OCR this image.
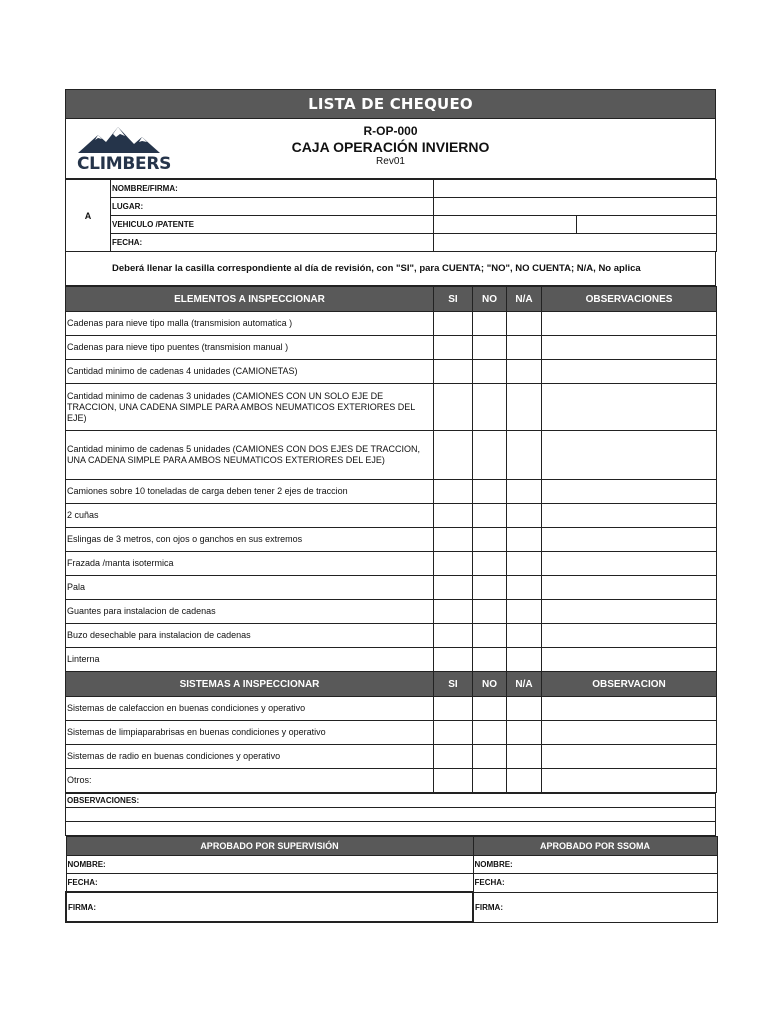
LISTA DE CHEQUEO
CLIMBERS
R-OP-000
CAJA OPERACIÓN INVIERNO
Rev01
A	NOMBRE/FIRMA:		
	LUGAR:		
	VEHICULO /PATENTE		
	FECHA:		
Deberá llenar la casilla correspondiente al día de revisión, con "SI", para CUENTA; "NO", NO CUENTA; N/A, No aplica
ELEMENTOS A INSPECCIONAR	SI	NO	N/A	OBSERVACIONES
Cadenas para nieve tipo malla (transmision automatica )				
Cadenas para nieve tipo puentes (transmision manual )				
Cantidad minimo de cadenas 4 unidades (CAMIONETAS)				
Cantidad minimo de cadenas 3 unidades (CAMIONES CON UN SOLO EJE DE TRACCION, UNA CADENA SIMPLE PARA AMBOS NEUMATICOS EXTERIORES DEL EJE)				
Cantidad minimo de cadenas 5 unidades (CAMIONES CON DOS EJES DE TRACCION, UNA CADENA SIMPLE PARA AMBOS NEUMATICOS EXTERIORES DEL EJE)				
Camiones sobre 10 toneladas de carga deben tener 2 ejes de traccion				
2 cuñas				
Eslingas de 3 metros, con ojos o ganchos en sus extremos				
Frazada /manta isotermica				
Pala				
Guantes para instalacion de cadenas				
Buzo desechable para instalacion de cadenas				
Linterna				
SISTEMAS A INSPECCIONAR	SI	NO	N/A	OBSERVACION
Sistemas de calefaccion en buenas condiciones y operativo				
Sistemas de limpiaparabrisas en buenas condiciones y operativo				
Sistemas de radio en buenas condiciones y operativo				
Otros:				
OBSERVACIONES:

APROBADO POR SUPERVISIÓN	APROBADO POR SSOMA
NOMBRE:	NOMBRE:
FECHA:	FECHA:
FIRMA:	FIRMA:
